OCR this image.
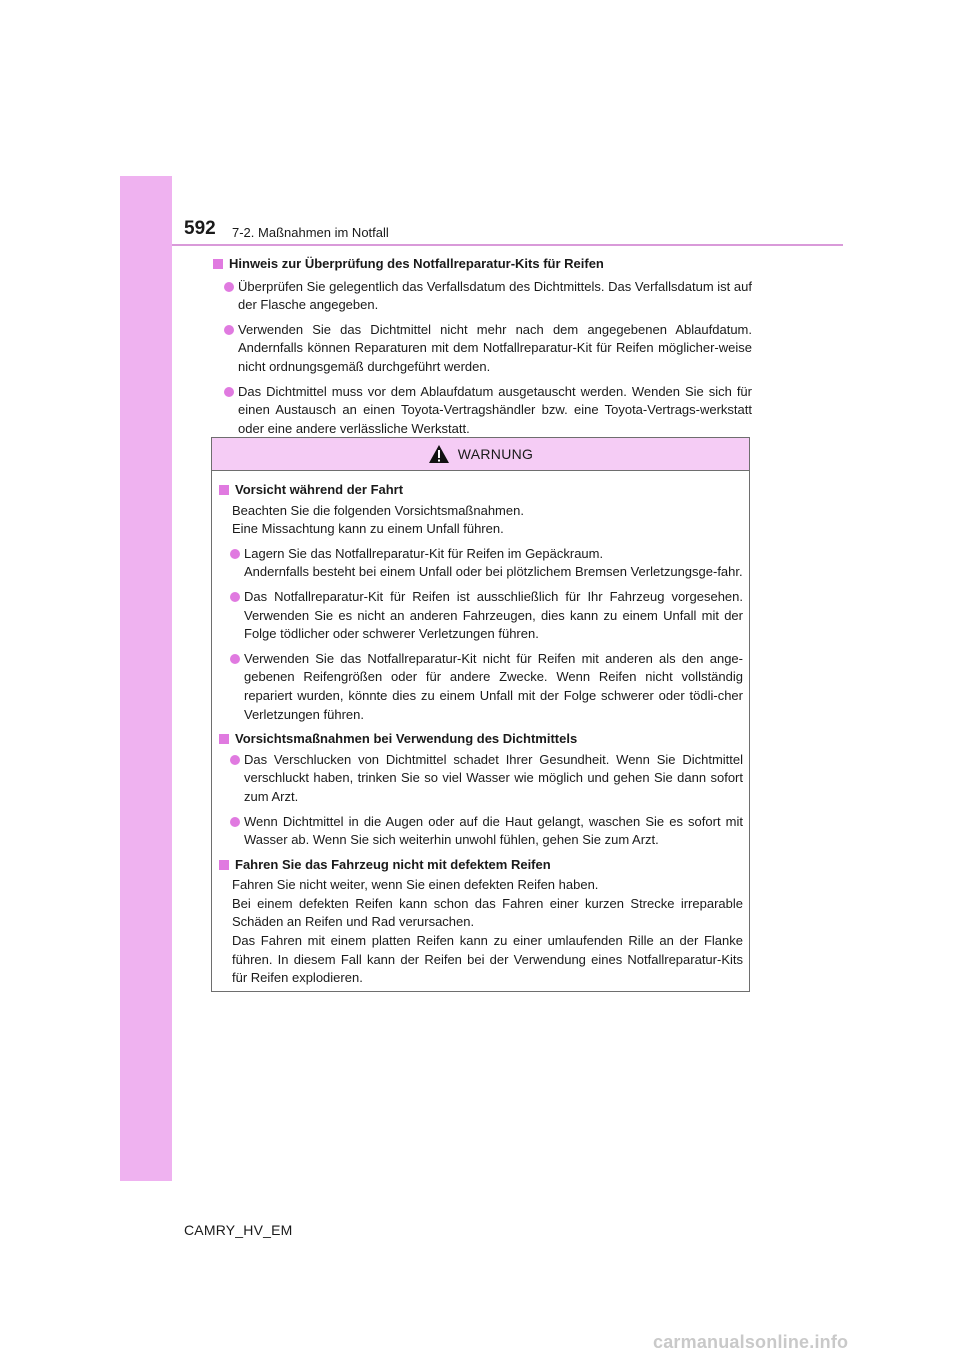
592 7-2. Maßnahmen im Notfall
Hinweis zur Überprüfung des Notfallreparatur-Kits für Reifen
Überprüfen Sie gelegentlich das Verfallsdatum des Dichtmittels. Das Verfallsdatum ist auf der Flasche angegeben.
Verwenden Sie das Dichtmittel nicht mehr nach dem angegebenen Ablaufdatum. Andernfalls können Reparaturen mit dem Notfallreparatur-Kit für Reifen möglicher-weise nicht ordnungsgemäß durchgeführt werden.
Das Dichtmittel muss vor dem Ablaufdatum ausgetauscht werden. Wenden Sie sich für einen Austausch an einen Toyota-Vertragshändler bzw. eine Toyota-Vertrags-werkstatt oder eine andere verlässliche Werkstatt.
WARNUNG
Vorsicht während der Fahrt
Beachten Sie die folgenden Vorsichtsmaßnahmen.
Eine Missachtung kann zu einem Unfall führen.
Lagern Sie das Notfallreparatur-Kit für Reifen im Gepäckraum.
Andernfalls besteht bei einem Unfall oder bei plötzlichem Bremsen Verletzungsge-fahr.
Das Notfallreparatur-Kit für Reifen ist ausschließlich für Ihr Fahrzeug vorgesehen. Verwenden Sie es nicht an anderen Fahrzeugen, dies kann zu einem Unfall mit der Folge tödlicher oder schwerer Verletzungen führen.
Verwenden Sie das Notfallreparatur-Kit nicht für Reifen mit anderen als den ange-gebenen Reifengrößen oder für andere Zwecke. Wenn Reifen nicht vollständig repariert wurden, könnte dies zu einem Unfall mit der Folge schwerer oder tödli-cher Verletzungen führen.
Vorsichtsmaßnahmen bei Verwendung des Dichtmittels
Das Verschlucken von Dichtmittel schadet Ihrer Gesundheit. Wenn Sie Dichtmittel verschluckt haben, trinken Sie so viel Wasser wie möglich und gehen Sie dann sofort zum Arzt.
Wenn Dichtmittel in die Augen oder auf die Haut gelangt, waschen Sie es sofort mit Wasser ab. Wenn Sie sich weiterhin unwohl fühlen, gehen Sie zum Arzt.
Fahren Sie das Fahrzeug nicht mit defektem Reifen
Fahren Sie nicht weiter, wenn Sie einen defekten Reifen haben.
Bei einem defekten Reifen kann schon das Fahren einer kurzen Strecke irreparable Schäden an Reifen und Rad verursachen.
Das Fahren mit einem platten Reifen kann zu einer umlaufenden Rille an der Flanke führen. In diesem Fall kann der Reifen bei der Verwendung eines Notfallreparatur-Kits für Reifen explodieren.
CAMRY_HV_EM
carmanualsonline.info
